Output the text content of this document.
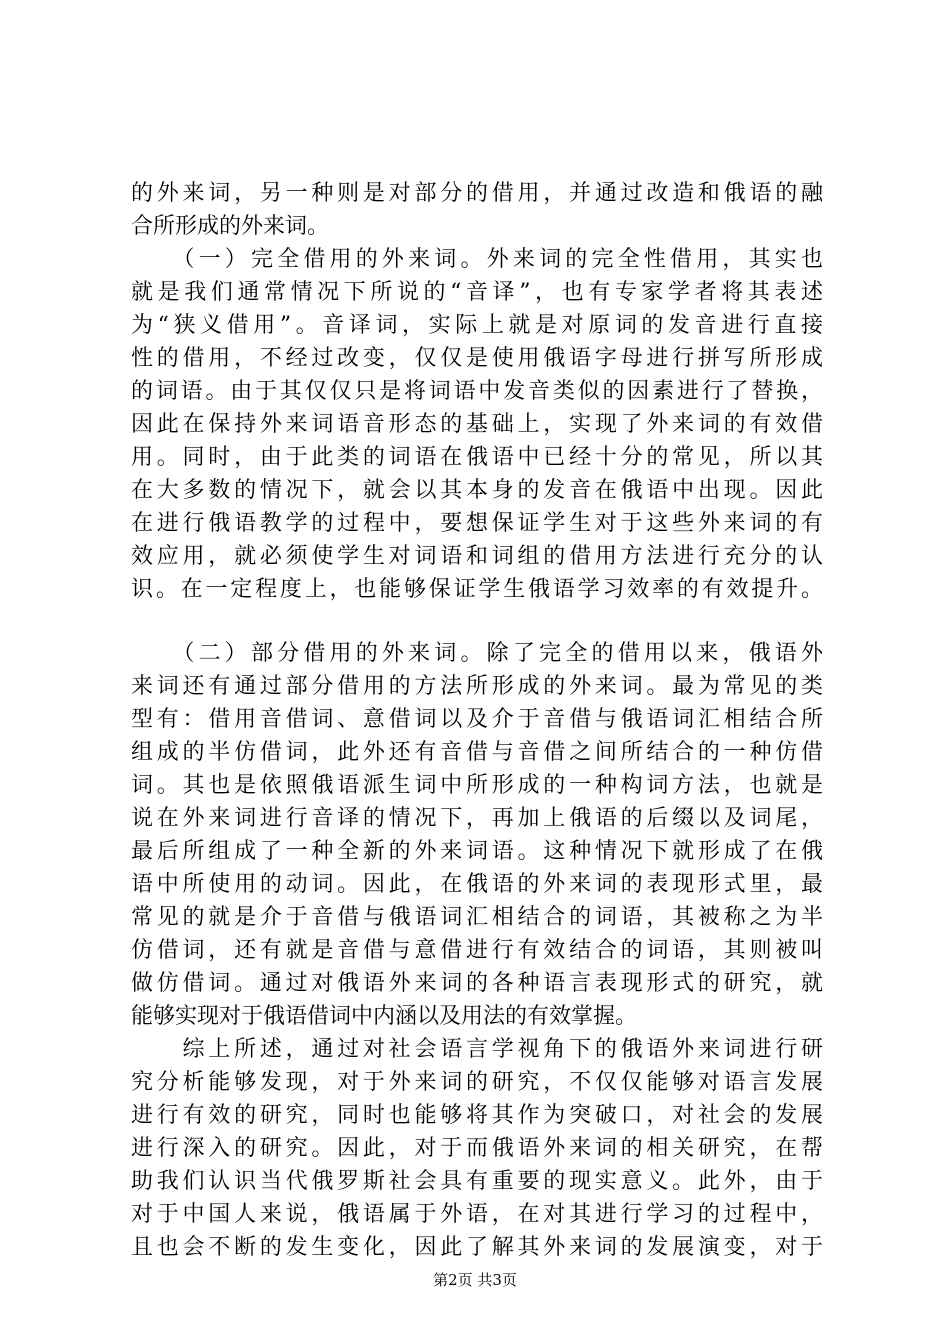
的外来词，另一种则是对部分的借用，并通过改造和俄语的融
合所形成的外来词。
　　（一）完全借用的外来词。外来词的完全性借用，其实也
就是我们通常情况下所说的“音译”，也有专家学者将其表述
为“狭义借用”。音译词，实际上就是对原词的发音进行直接
性的借用，不经过改变，仅仅是使用俄语字母进行拼写所形成
的词语。由于其仅仅只是将词语中发音类似的因素进行了替换，
因此在保持外来词语音形态的基础上，实现了外来词的有效借
用。同时，由于此类的词语在俄语中已经十分的常见，所以其
在大多数的情况下，就会以其本身的发音在俄语中出现。因此
在进行俄语教学的过程中，要想保证学生对于这些外来词的有
效应用，就必须使学生对词语和词组的借用方法进行充分的认
识。在一定程度上，也能够保证学生俄语学习效率的有效提升。
　　（二）部分借用的外来词。除了完全的借用以来，俄语外
来词还有通过部分借用的方法所形成的外来词。最为常见的类
型有：借用音借词、意借词以及介于音借与俄语词汇相结合所
组成的半仿借词，此外还有音借与音借之间所结合的一种仿借
词。其也是依照俄语派生词中所形成的一种构词方法，也就是
说在外来词进行音译的情况下，再加上俄语的后缀以及词尾，
最后所组成了一种全新的外来词语。这种情况下就形成了在俄
语中所使用的动词。因此，在俄语的外来词的表现形式里，最
常见的就是介于音借与俄语词汇相结合的词语，其被称之为半
仿借词，还有就是音借与意借进行有效结合的词语，其则被叫
做仿借词。通过对俄语外来词的各种语言表现形式的研究，就
能够实现对于俄语借词中内涵以及用法的有效掌握。
　　综上所述，通过对社会语言学视角下的俄语外来词进行研
究分析能够发现，对于外来词的研究，不仅仅能够对语言发展
进行有效的研究，同时也能够将其作为突破口，对社会的发展
进行深入的研究。因此，对于而俄语外来词的相关研究，在帮
助我们认识当代俄罗斯社会具有重要的现实意义。此外，由于
对于中国人来说，俄语属于外语，在对其进行学习的过程中，
且也会不断的发生变化，因此了解其外来词的发展演变，对于
第2页 共3页
